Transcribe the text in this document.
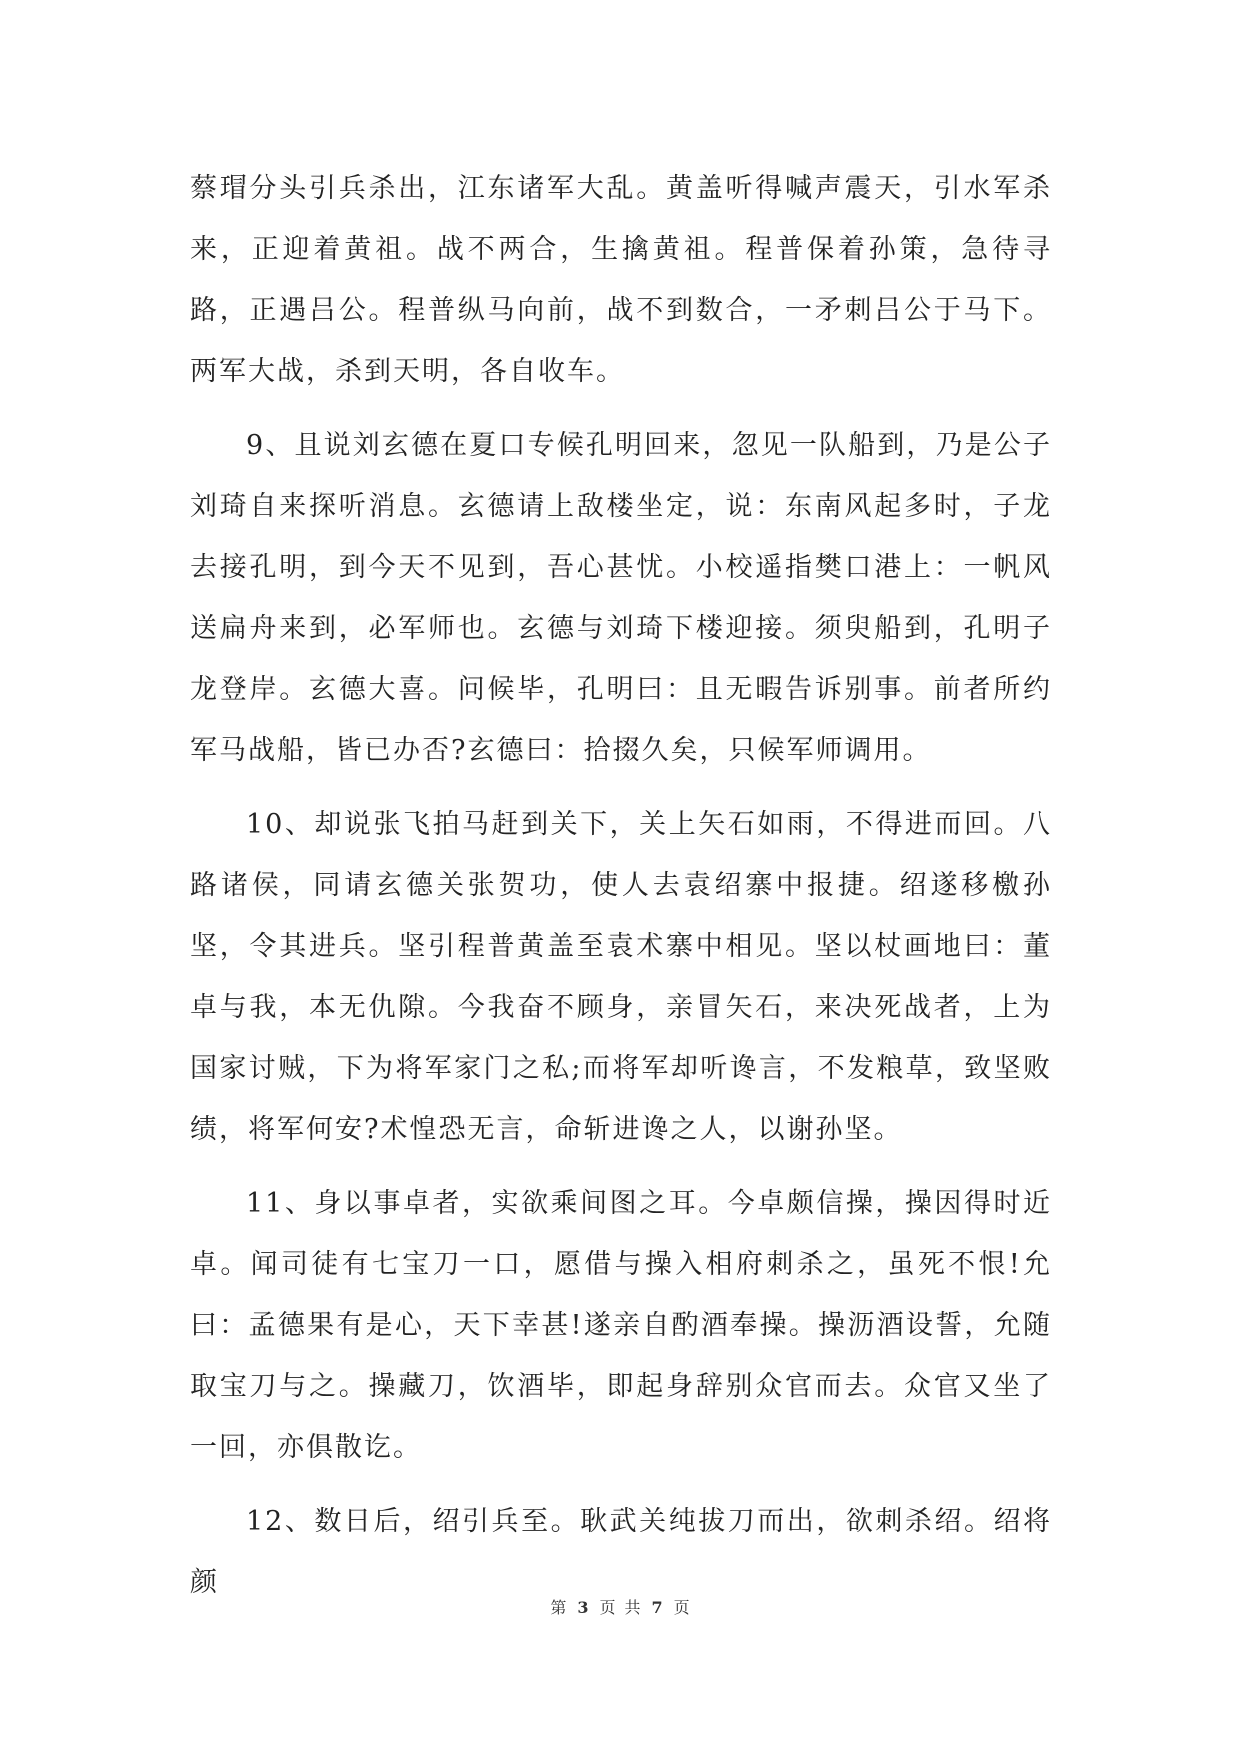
蔡瑁分头引兵杀出，江东诸军大乱。黄盖听得喊声震天，引水军杀来，正迎着黄祖。战不两合，生擒黄祖。程普保着孙策，急待寻路，正遇吕公。程普纵马向前，战不到数合，一矛刺吕公于马下。两军大战，杀到天明，各自收车。

9、且说刘玄德在夏口专候孔明回来，忽见一队船到，乃是公子刘琦自来探听消息。玄德请上敌楼坐定，说：东南风起多时，子龙去接孔明，到今天不见到，吾心甚忧。小校遥指樊口港上：一帆风送扁舟来到，必军师也。玄德与刘琦下楼迎接。须臾船到，孔明子龙登岸。玄德大喜。问候毕，孔明曰：且无暇告诉别事。前者所约军马战船，皆已办否?玄德曰：拾掇久矣，只候军师调用。

10、却说张飞拍马赶到关下，关上矢石如雨，不得进而回。八路诸侯，同请玄德关张贺功，使人去袁绍寨中报捷。绍遂移檄孙坚，令其进兵。坚引程普黄盖至袁术寨中相见。坚以杖画地曰：董卓与我，本无仇隙。今我奋不顾身，亲冒矢石，来决死战者，上为国家讨贼，下为将军家门之私;而将军却听谗言，不发粮草，致坚败绩，将军何安?术惶恐无言，命斩进谗之人，以谢孙坚。

11、身以事卓者，实欲乘间图之耳。今卓颇信操，操因得时近卓。闻司徒有七宝刀一口，愿借与操入相府刺杀之，虽死不恨!允曰：孟德果有是心，天下幸甚!遂亲自酌酒奉操。操沥酒设誓，允随取宝刀与之。操藏刀，饮酒毕，即起身辞别众官而去。众官又坐了一回，亦俱散讫。

12、数日后，绍引兵至。耿武关纯拔刀而出，欲刺杀绍。绍将颜

第 3 页 共 7 页
